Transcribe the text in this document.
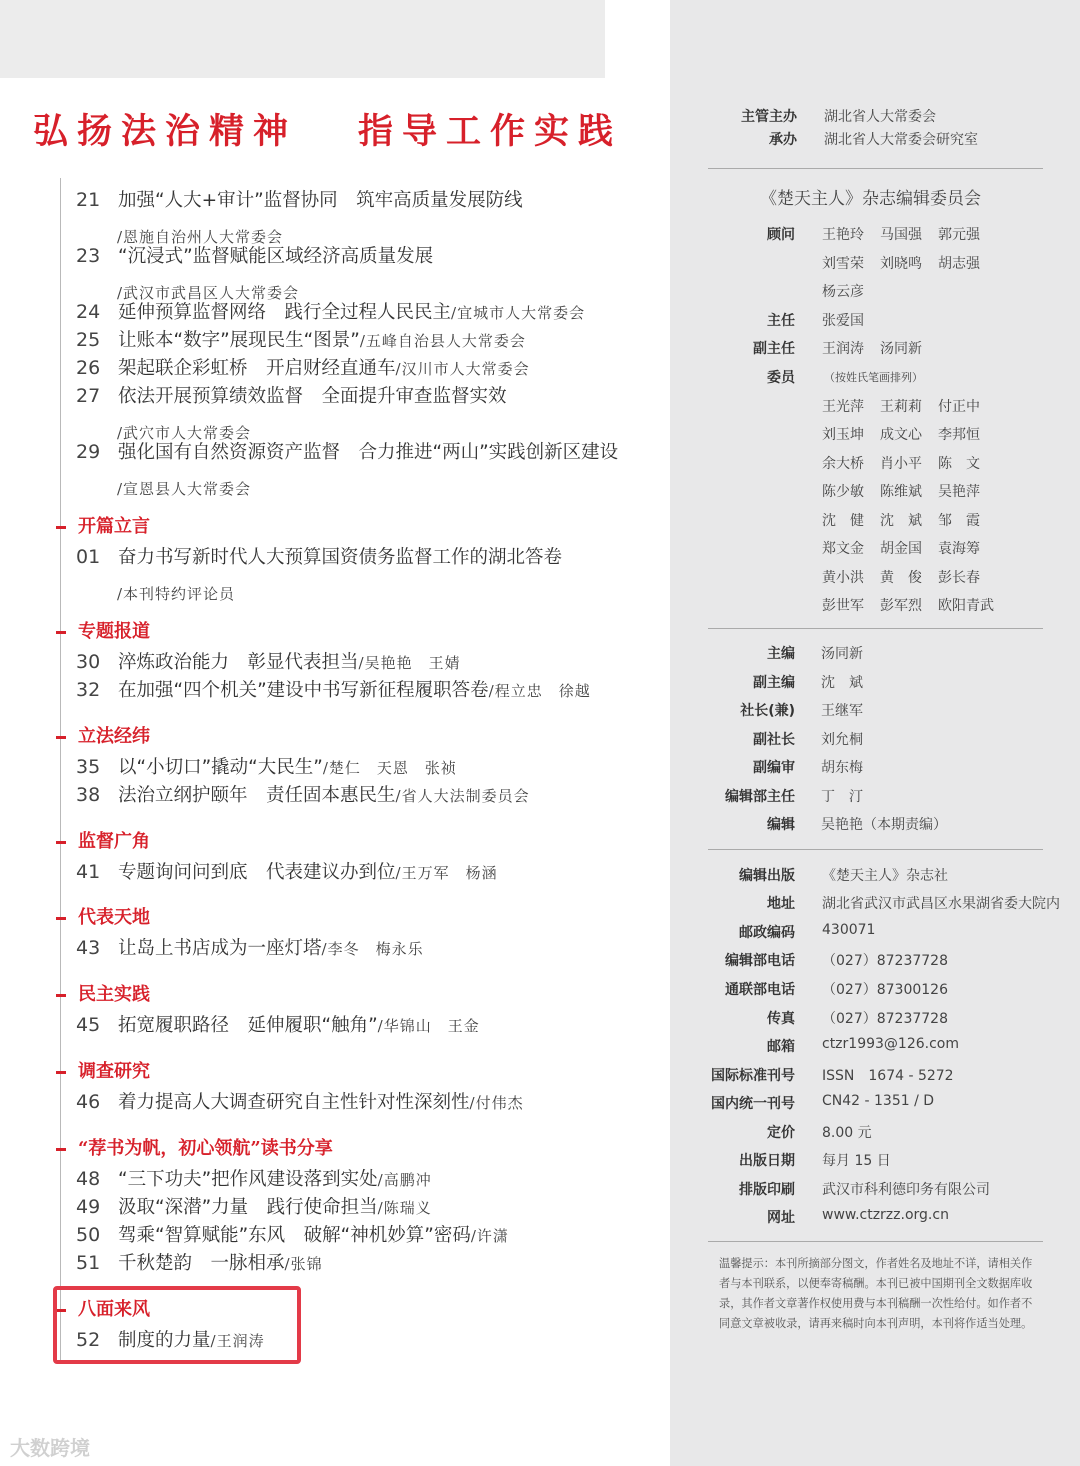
弘扬法治精神 指导工作实践
21 加强“人大+审计”监督协同　筑牢高质量发展防线
/恩施自治州人大常委会
23 “沉浸式”监督赋能区域经济高质量发展
/武汉市武昌区人大常委会
24 延伸预算监督网络　践行全过程人民民主/宜城市人大常委会
25 让账本“数字”展现民生“图景”/五峰自治县人大常委会
26 架起联企彩虹桥　开启财经直通车/汉川市人大常委会
27 依法开展预算绩效监督　全面提升审查监督实效
/武穴市人大常委会
29 强化国有自然资源资产监督　合力推进“两山”实践创新区建设
/宣恩县人大常委会
开篇立言
01 奋力书写新时代人大预算国资债务监督工作的湖北答卷
/本刊特约评论员
专题报道
30 淬炼政治能力　彰显代表担当/吴艳艳　王婧
32 在加强“四个机关”建设中书写新征程履职答卷/程立忠　徐越
立法经纬
35 以“小切口”撬动“大民生”/楚仁　天恩　张祯
38 法治立纲护颐年　责任固本惠民生/省人大法制委员会
监督广角
41 专题询问问到底　代表建议办到位/王万军　杨涵
代表天地
43 让岛上书店成为一座灯塔/李冬　梅永乐
民主实践
45 拓宽履职路径　延伸履职“触角”/华锦山　王金
调查研究
46 着力提高人大调查研究自主性针对性深刻性/付伟杰
“荐书为帆，初心领航”读书分享
48 “三下功夫”把作风建设落到实处/高鹏冲
49 汲取“深潜”力量　践行使命担当/陈瑞义
50 驾乘“智算赋能”东风　破解“神机妙算”密码/许潇
51 千秋楚韵　一脉相承/张锦
八面来风
52 制度的力量/王润涛
主管主办 湖北省人大常委会
承办 湖北省人大常委会研究室
顾问 王艳玲 马国强 郭元强
刘雪荣 刘晓鸣 胡志强
杨云彦
主任 张爱国
副主任 王润涛 汤同新
委员	（按姓氏笔画排列）
王光萍 王莉莉 付正中
刘玉坤 成文心 李邦恒
余大桥 肖小平 陈　文
陈少敏 陈维斌 吴艳萍
沈　健 沈　斌 邹　霞
郑文金 胡金国 袁海筹
黄小洪 黄　俊 彭长春
彭世军 彭军烈 欧阳青武
主编 汤同新
副主编 沈　斌
社长(兼) 王继军
副社长 刘允桐
副编审 胡东梅
编辑部主任 丁　汀
编辑 吴艳艳（本期责编）
编辑出版 《楚天主人》杂志社
地址 湖北省武汉市武昌区水果湖省委大院内
邮政编码 430071
编辑部电话 （027）87237728
通联部电话 （027）87300126
传真 （027）87237728
邮箱 ctzr1993@126.com
国际标准刊号 ISSN　1674 - 5272
国内统一刊号 CN42 - 1351 / D
定价 8.00 元
出版日期 每月 15 日
排版印刷 武汉市科利德印务有限公司
网址 www.ctzrzz.org.cn
《楚天主人》杂志编辑委员会
温馨提示：本刊所摘部分图文，作者姓名及地址不详，请相关作者与本刊联系，以便奉寄稿酬。本刊已被中国期刊全文数据库收录，其作者文章著作权使用费与本刊稿酬一次性给付。如作者不同意文章被收录，请再来稿时向本刊声明，本刊将作适当处理。
大数跨境
